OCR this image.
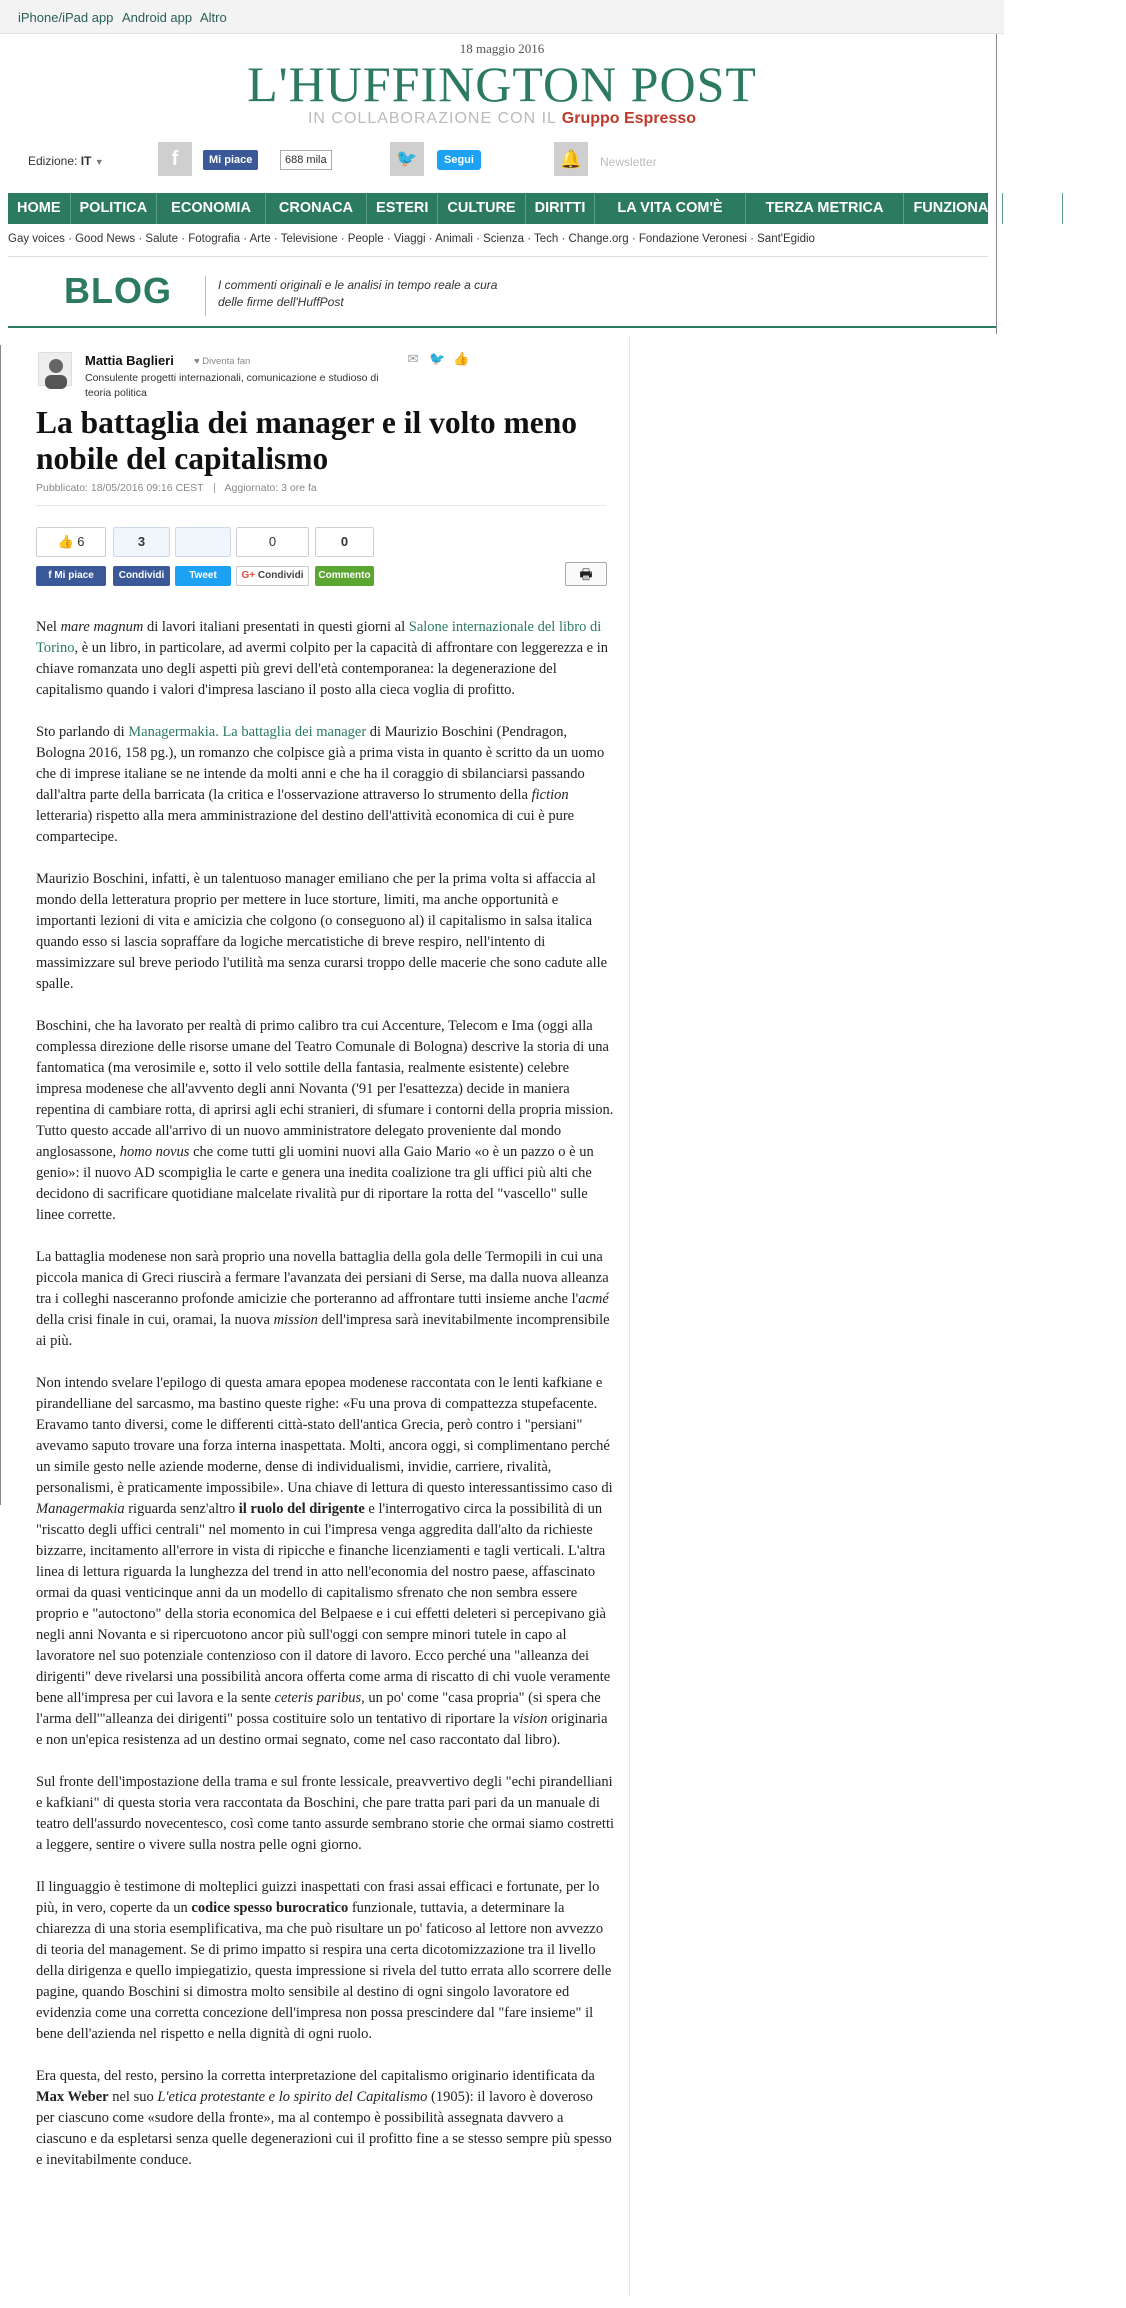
iPhone/iPad app Android app Altro
18 maggio 2016
L'HUFFINGTON POST
IN COLLABORAZIONE CON IL Gruppo Espresso
Edizione: IT ▼	f	Mi piace	688 mila	🐦	Segui	🔔	Newsletter
HOME	POLITICA	ECONOMIA	CRONACA	ESTERI	CULTURE	DIRITTI	LA VITA COM'È	TERZA METRICA	FUNZIONA!	STILE	VIDEO
Gay voices · Good News · Salute · Fotografia · Arte · Televisione · People · Viaggi · Animali · Scienza · Tech · Change.org · Fondazione Veronesi · Sant'Egidio
BLOG	I commenti originali e le analisi in tempo reale a cura delle firme dell'HuffPost
Mattia Baglieri ♥ Diventa fan
Consulente progetti internazionali, comunicazione e studioso di teoria politica
✉ 🐦 👍
La battaglia dei manager e il volto meno nobile del capitalismo
Pubblicato: 18/05/2016 09:16 CEST Aggiornato: 3 ore fa
👍 6	3	0	0
f Mi piace	Condividi	Tweet	G+ Condividi	Commento	🖶

Nel mare magnum di lavori italiani presentati in questi giorni al Salone internazionale del libro di Torino, è un libro, in particolare, ad avermi colpito per la capacità di affrontare con leggerezza e in chiave romanzata uno degli aspetti più grevi dell'età contemporanea: la degenerazione del capitalismo quando i valori d'impresa lasciano il posto alla cieca voglia di profitto.

Sto parlando di Managermakia. La battaglia dei manager di Maurizio Boschini (Pendragon, Bologna 2016, 158 pg.), un romanzo che colpisce già a prima vista in quanto è scritto da un uomo che di imprese italiane se ne intende da molti anni e che ha il coraggio di sbilanciarsi passando dall'altra parte della barricata (la critica e l'osservazione attraverso lo strumento della fiction letteraria) rispetto alla mera amministrazione del destino dell'attività economica di cui è pure compartecipe.

Maurizio Boschini, infatti, è un talentuoso manager emiliano che per la prima volta si affaccia al mondo della letteratura proprio per mettere in luce storture, limiti, ma anche opportunità e importanti lezioni di vita e amicizia che colgono (o conseguono al) il capitalismo in salsa italica quando esso si lascia sopraffare da logiche mercatistiche di breve respiro, nell'intento di massimizzare sul breve periodo l'utilità ma senza curarsi troppo delle macerie che sono cadute alle spalle.

Boschini, che ha lavorato per realtà di primo calibro tra cui Accenture, Telecom e Ima (oggi alla complessa direzione delle risorse umane del Teatro Comunale di Bologna) descrive la storia di una fantomatica (ma verosimile e, sotto il velo sottile della fantasia, realmente esistente) celebre impresa modenese che all'avvento degli anni Novanta ('91 per l'esattezza) decide in maniera repentina di cambiare rotta, di aprirsi agli echi stranieri, di sfumare i contorni della propria mission. Tutto questo accade all'arrivo di un nuovo amministratore delegato proveniente dal mondo anglosassone, homo novus che come tutti gli uomini nuovi alla Gaio Mario «o è un pazzo o è un genio»: il nuovo AD scompiglia le carte e genera una inedita coalizione tra gli uffici più alti che decidono di sacrificare quotidiane malcelate rivalità pur di riportare la rotta del "vascello" sulle linee corrette.

La battaglia modenese non sarà proprio una novella battaglia della gola delle Termopili in cui una piccola manica di Greci riuscirà a fermare l'avanzata dei persiani di Serse, ma dalla nuova alleanza tra i colleghi nasceranno profonde amicizie che porteranno ad affrontare tutti insieme anche l'acmé della crisi finale in cui, oramai, la nuova mission dell'impresa sarà inevitabilmente incomprensibile ai più.

Non intendo svelare l'epilogo di questa amara epopea modenese raccontata con le lenti kafkiane e pirandelliane del sarcasmo, ma bastino queste righe: «Fu una prova di compattezza stupefacente. Eravamo tanto diversi, come le differenti città-stato dell'antica Grecia, però contro i "persiani" avevamo saputo trovare una forza interna inaspettata. Molti, ancora oggi, si complimentano perché un simile gesto nelle aziende moderne, dense di individualismi, invidie, carriere, rivalità, personalismi, è praticamente impossibile». Una chiave di lettura di questo interessantissimo caso di Managermakia riguarda senz'altro il ruolo del dirigente e l'interrogativo circa la possibilità di un "riscatto degli uffici centrali" nel momento in cui l'impresa venga aggredita dall'alto da richieste bizzarre, incitamento all'errore in vista di ripicche e finanche licenziamenti e tagli verticali. L'altra linea di lettura riguarda la lunghezza del trend in atto nell'economia del nostro paese, affascinato ormai da quasi venticinque anni da un modello di capitalismo sfrenato che non sembra essere proprio e "autoctono" della storia economica del Belpaese e i cui effetti deleteri si percepivano già negli anni Novanta e si ripercuotono ancor più sull'oggi con sempre minori tutele in capo al lavoratore nel suo potenziale contenzioso con il datore di lavoro. Ecco perché una "alleanza dei dirigenti" deve rivelarsi una possibilità ancora offerta come arma di riscatto di chi vuole veramente bene all'impresa per cui lavora e la sente ceteris paribus, un po' come "casa propria" (si spera che l'arma dell'"alleanza dei dirigenti" possa costituire solo un tentativo di riportare la vision originaria e non un'epica resistenza ad un destino ormai segnato, come nel caso raccontato dal libro).

Sul fronte dell'impostazione della trama e sul fronte lessicale, preavvertivo degli "echi pirandelliani e kafkiani" di questa storia vera raccontata da Boschini, che pare tratta pari pari da un manuale di teatro dell'assurdo novecentesco, così come tanto assurde sembrano storie che ormai siamo costretti a leggere, sentire o vivere sulla nostra pelle ogni giorno.

Il linguaggio è testimone di molteplici guizzi inaspettati con frasi assai efficaci e fortunate, per lo più, in vero, coperte da un codice spesso burocratico funzionale, tuttavia, a determinare la chiarezza di una storia esemplificativa, ma che può risultare un po' faticoso al lettore non avvezzo di teoria del management. Se di primo impatto si respira una certa dicotomizzazione tra il livello della dirigenza e quello impiegatizio, questa impressione si rivela del tutto errata allo scorrere delle pagine, quando Boschini si dimostra molto sensibile al destino di ogni singolo lavoratore ed evidenzia come una corretta concezione dell'impresa non possa prescindere dal "fare insieme" il bene dell'azienda nel rispetto e nella dignità di ogni ruolo.

Era questa, del resto, persino la corretta interpretazione del capitalismo originario identificata da Max Weber nel suo L'etica protestante e lo spirito del Capitalismo (1905): il lavoro è doveroso per ciascuno come «sudore della fronte», ma al contempo è possibilità assegnata davvero a ciascuno e da espletarsi senza quelle degenerazioni cui il profitto fine a se stesso sempre più spesso e inevitabilmente conduce.
